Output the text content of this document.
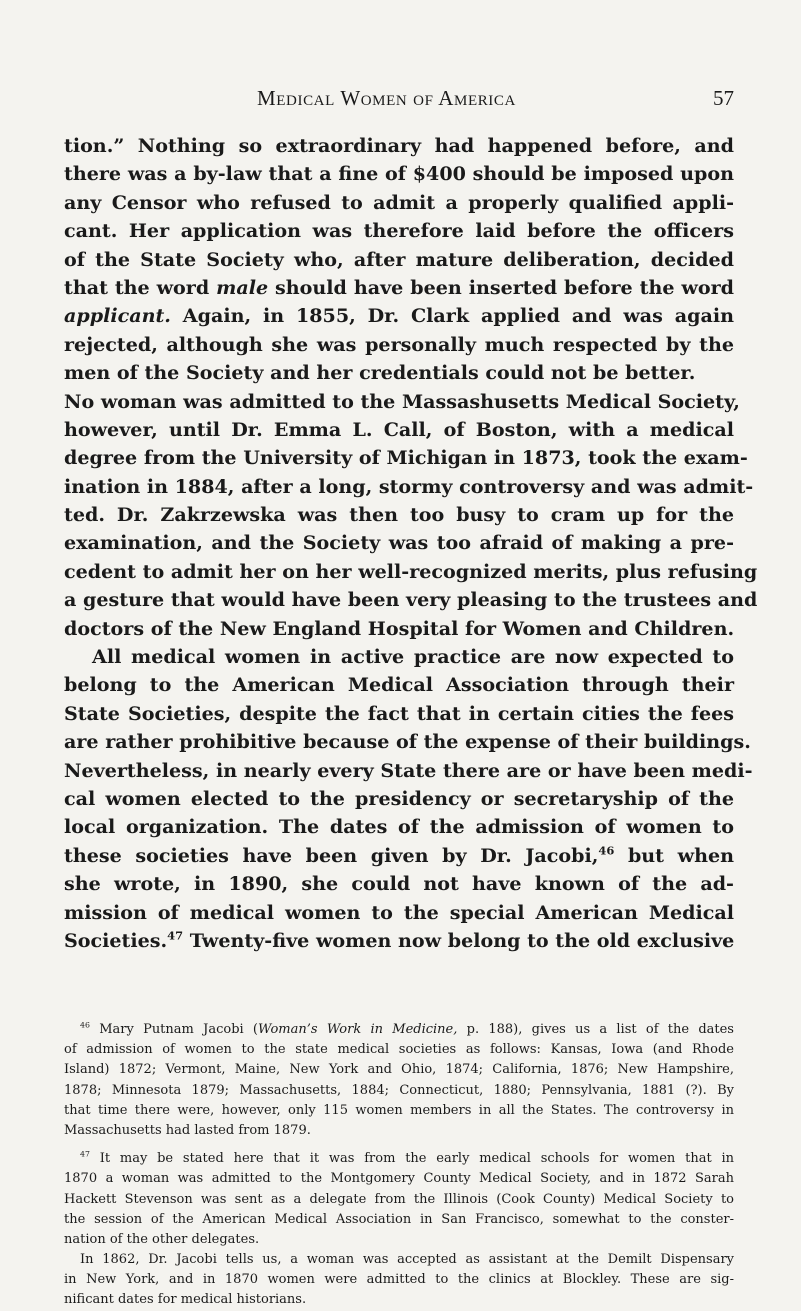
Medical Women of America	57
tion.” Nothing so extraordinary had happened before, and
there was a by-law that a fine of $400 should be imposed upon
any Censor who refused to admit a properly qualified appli-
cant. Her application was therefore laid before the officers
of the State Society who, after mature deliberation, decided
that the word male should have been inserted before the word
applicant. Again, in 1855, Dr. Clark applied and was again
rejected, although she was personally much respected by the
men of the Society and her credentials could not be better.
No woman was admitted to the Massashusetts Medical Society,
however, until Dr. Emma L. Call, of Boston, with a medical
degree from the University of Michigan in 1873, took the exam-
ination in 1884, after a long, stormy controversy and was admit-
ted. Dr. Zakrzewska was then too busy to cram up for the
examination, and the Society was too afraid of making a pre-
cedent to admit her on her well-recognized merits, plus refusing
a gesture that would have been very pleasing to the trustees and
doctors of the New England Hospital for Women and Children.
All medical women in active practice are now expected to
belong to the American Medical Association through their
State Societies, despite the fact that in certain cities the fees
are rather prohibitive because of the expense of their buildings.
Nevertheless, in nearly every State there are or have been medi-
cal women elected to the presidency or secretaryship of the
local organization. The dates of the admission of women to
these societies have been given by Dr. Jacobi,$^{46}$ but when
she wrote, in 1890, she could not have known of the ad-
mission of medical women to the special American Medical
Societies.$^{47}$ Twenty-five women now belong to the old exclusive
$^{46}$ Mary Putnam Jacobi (Woman’s Work in Medicine, p. 188), gives us a list of the dates
of admission of women to the state medical societies as follows: Kansas, Iowa (and Rhode
Island) 1872; Vermont, Maine, New York and Ohio, 1874; California, 1876; New Hampshire,
1878; Minnesota 1879; Massachusetts, 1884; Connecticut, 1880; Pennsylvania, 1881 (?). By
that time there were, however, only 115 women members in all the States. The controversy in
Massachusetts had lasted from 1879.
$^{47}$ It may be stated here that it was from the early medical schools for women that in
1870 a woman was admitted to the Montgomery County Medical Society, and in 1872 Sarah
Hackett Stevenson was sent as a delegate from the Illinois (Cook County) Medical Society to
the session of the American Medical Association in San Francisco, somewhat to the conster-
nation of the other delegates.
In 1862, Dr. Jacobi tells us, a woman was accepted as assistant at the Demilt Dispensary
in New York, and in 1870 women were admitted to the clinics at Blockley. These are sig-
nificant dates for medical historians.
